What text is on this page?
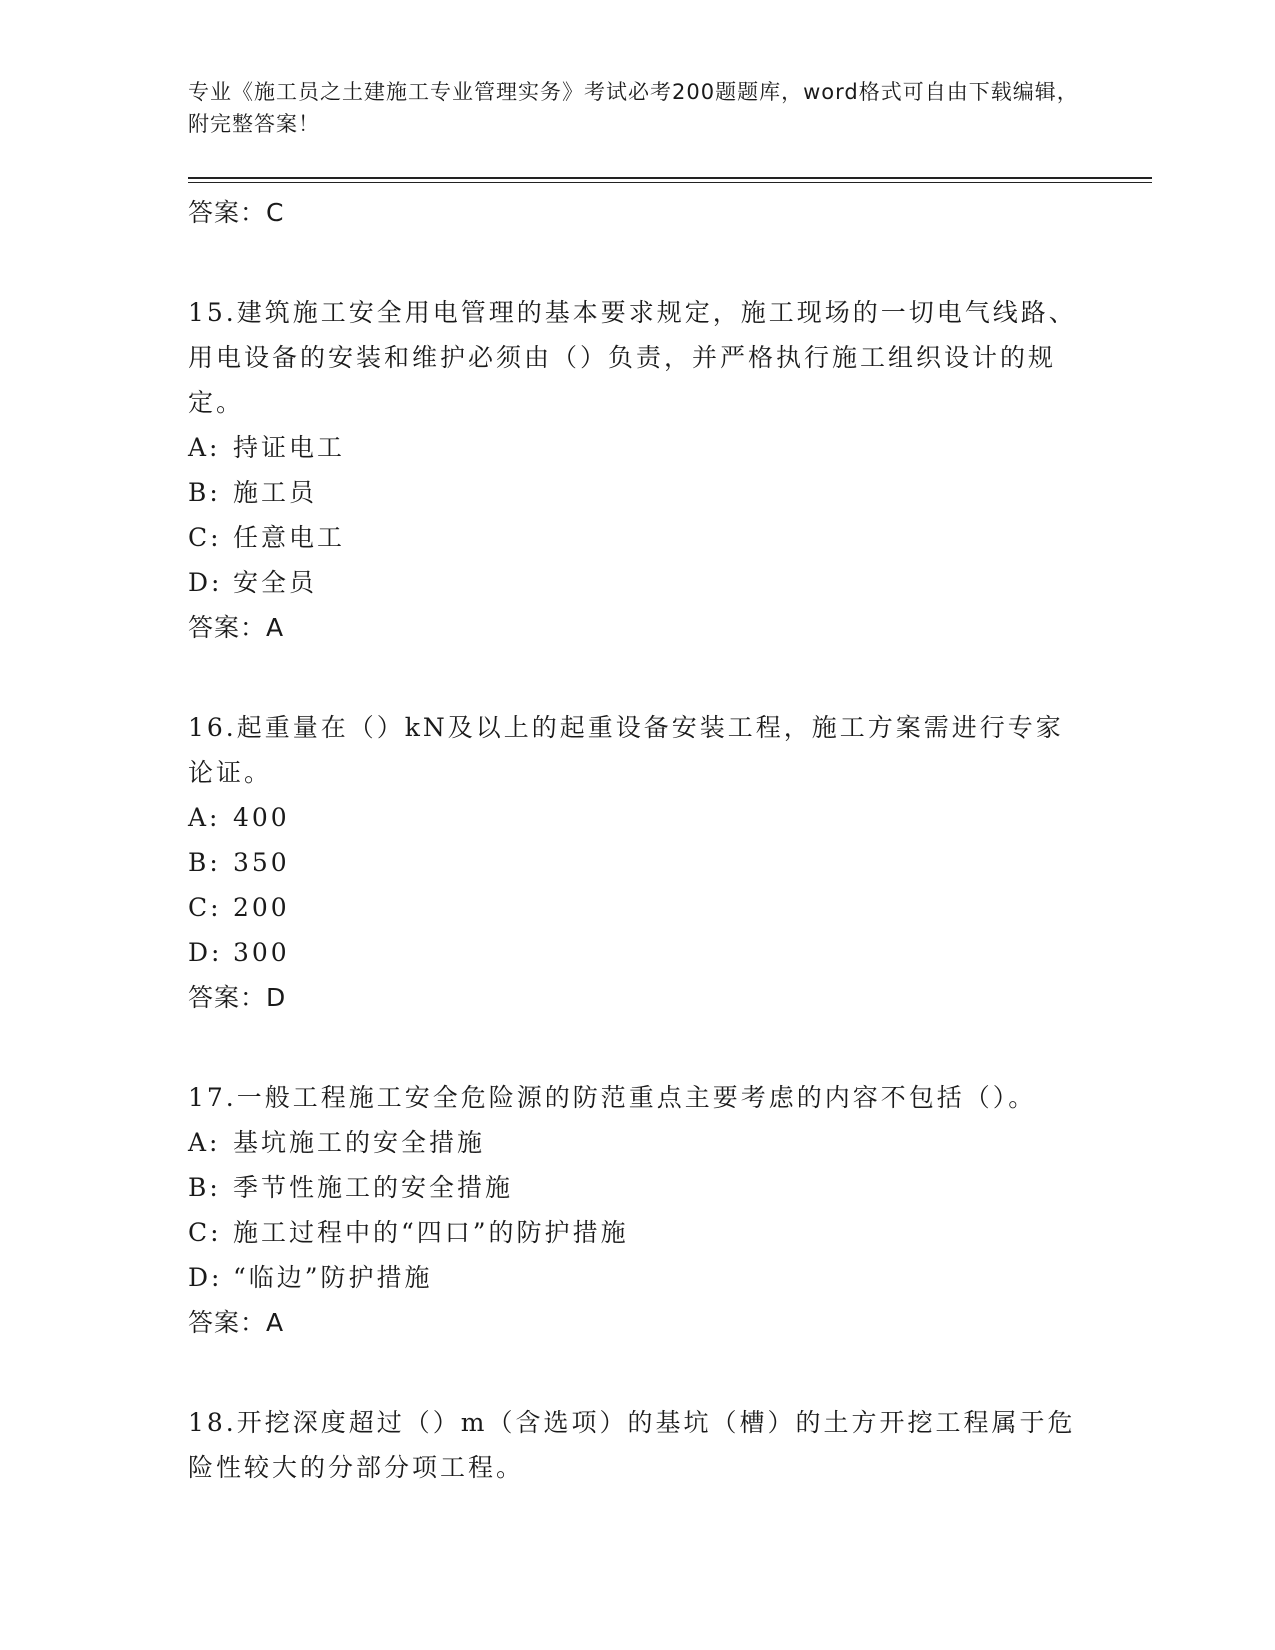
专业《施工员之土建施工专业管理实务》考试必考200题题库，word格式可自由下载编辑，附完整答案！
答案：C
15.建筑施工安全用电管理的基本要求规定，施工现场的一切电气线路、用电设备的安装和维护必须由（）负责，并严格执行施工组织设计的规定。
A: 持证电工
B: 施工员
C: 任意电工
D: 安全员
答案：A
16.起重量在（）kN及以上的起重设备安装工程，施工方案需进行专家论证。
A: 400
B: 350
C: 200
D: 300
答案：D
17.一般工程施工安全危险源的防范重点主要考虑的内容不包括（）。
A: 基坑施工的安全措施
B: 季节性施工的安全措施
C: 施工过程中的“四口”的防护措施
D: “临边”防护措施
答案：A
18.开挖深度超过（）m（含选项）的基坑（槽）的土方开挖工程属于危险性较大的分部分项工程。
